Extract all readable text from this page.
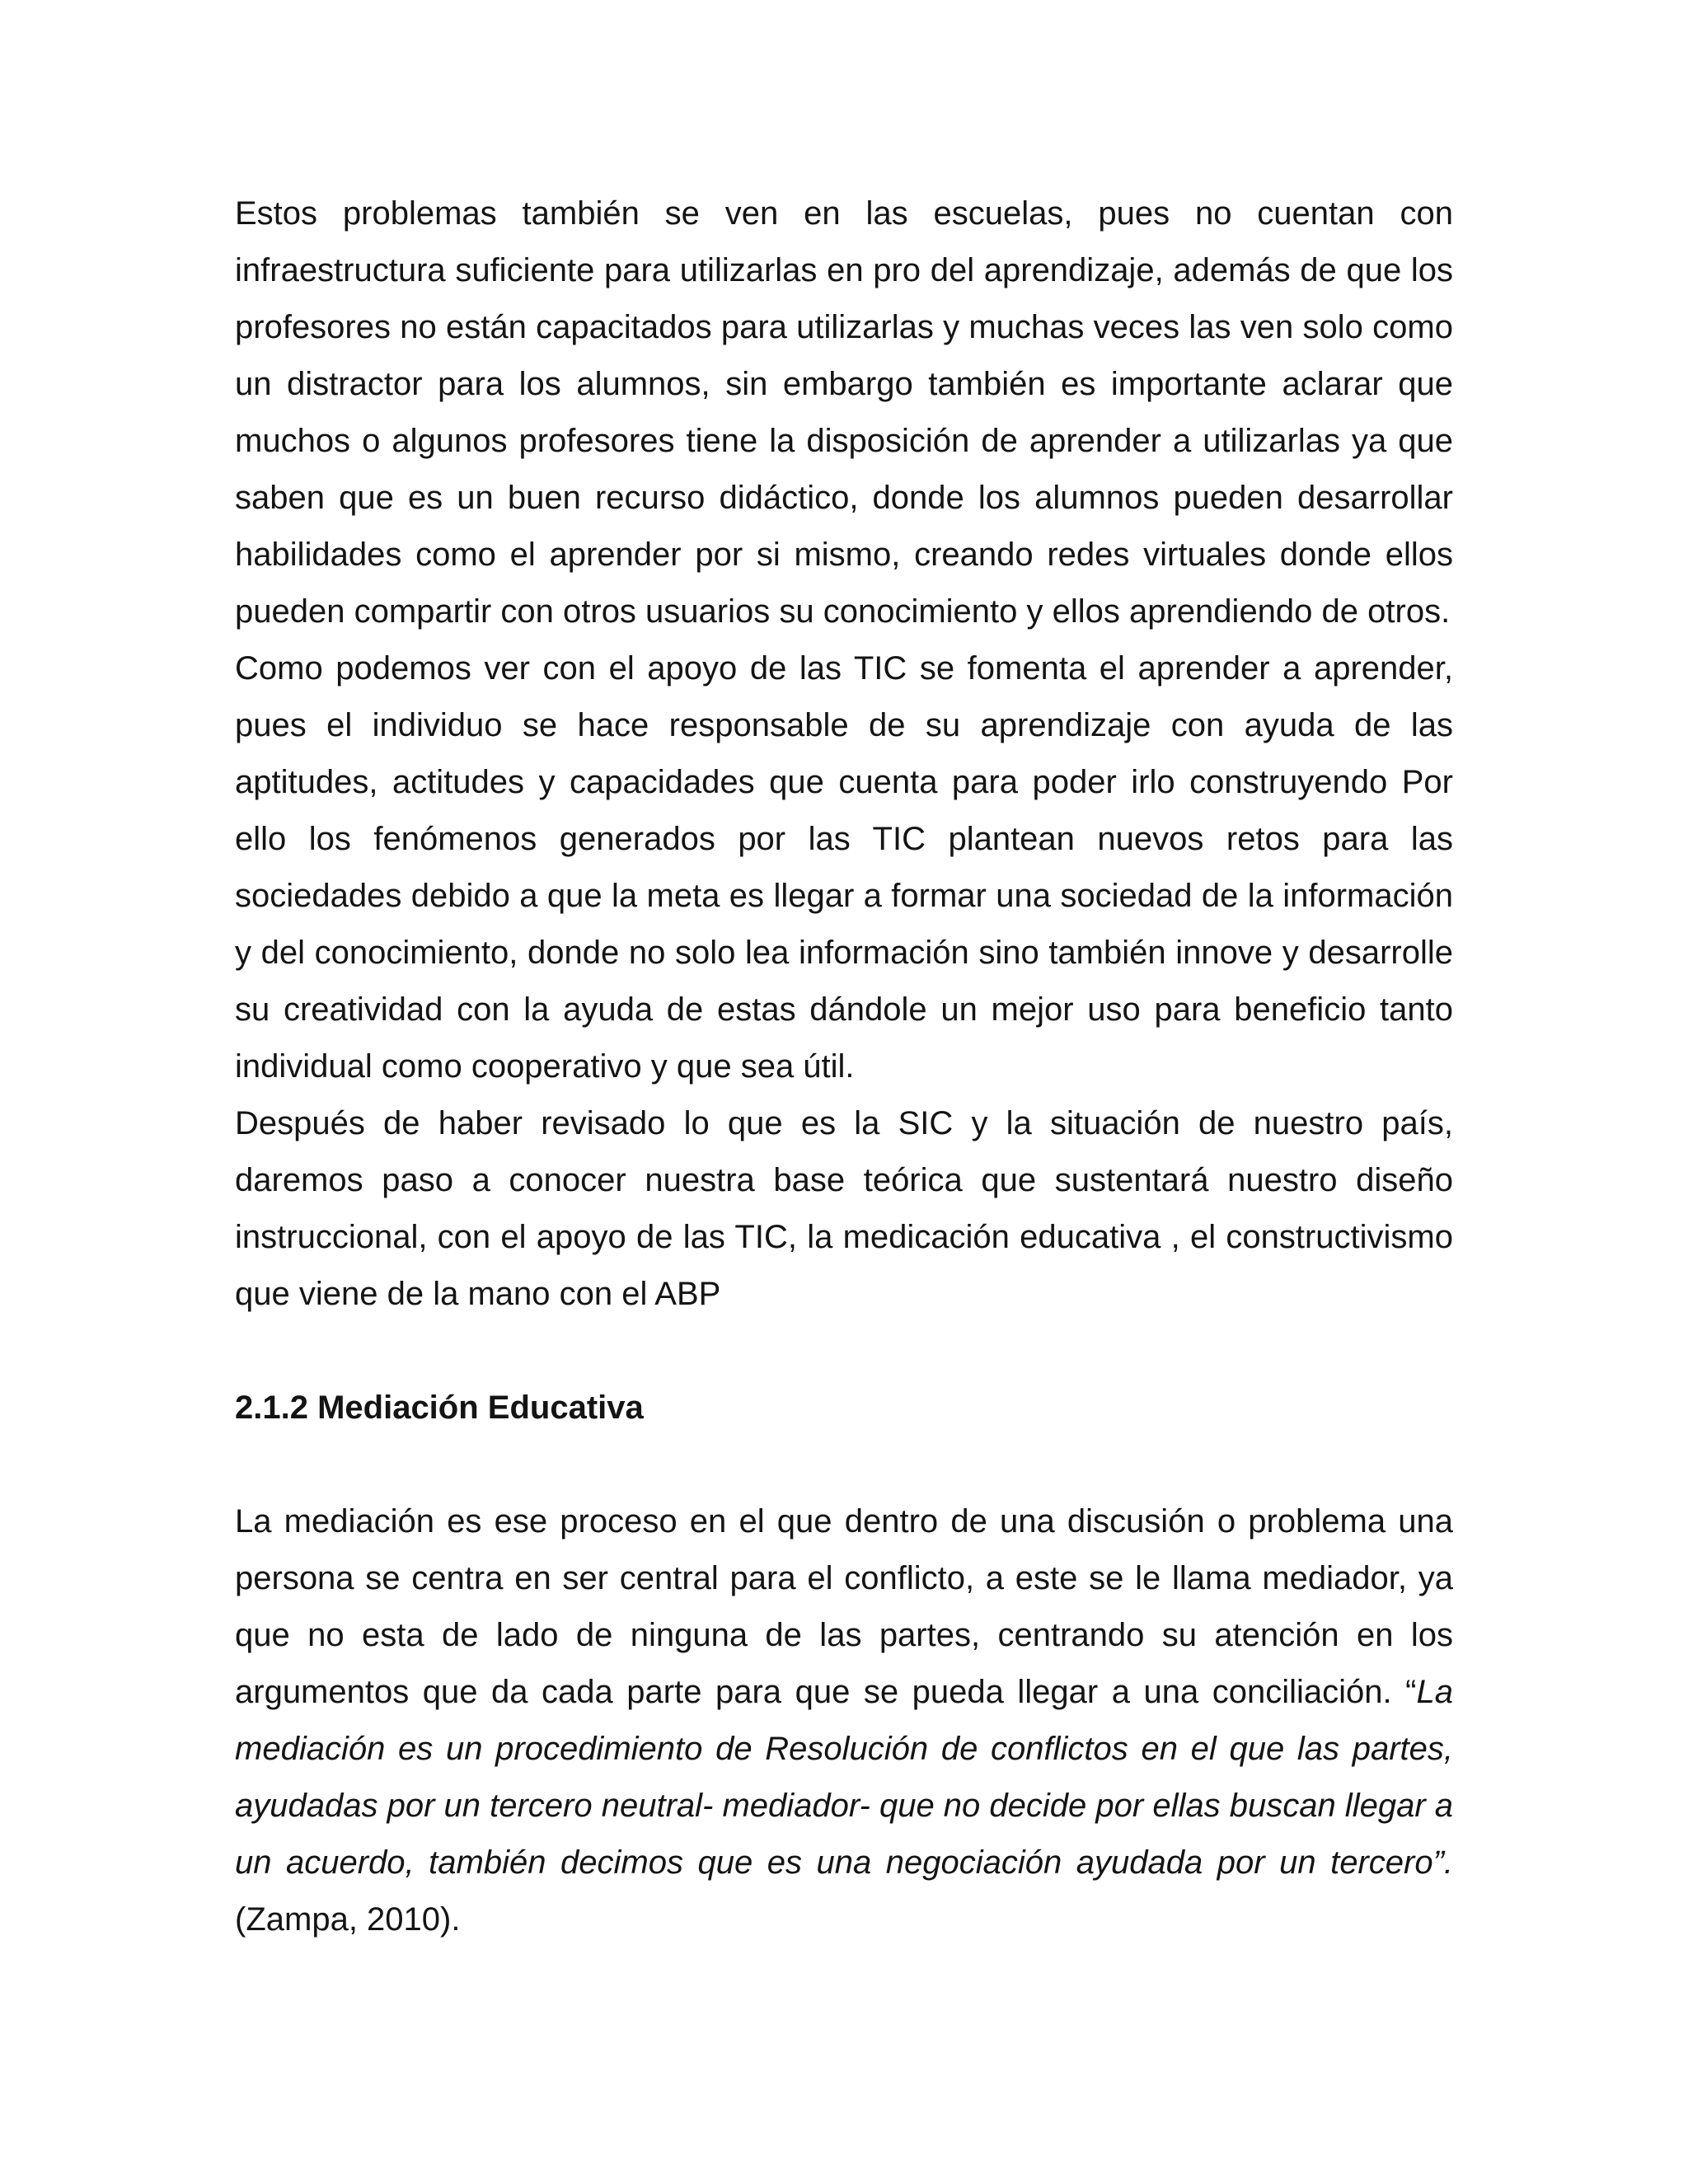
Estos problemas también se ven en las escuelas, pues no cuentan con infraestructura suficiente para utilizarlas en pro del aprendizaje, además de que los profesores no están capacitados para utilizarlas y muchas veces las ven solo como un distractor para los alumnos, sin embargo también es importante aclarar que muchos o algunos profesores tiene la disposición de aprender a utilizarlas ya que saben que es un buen recurso didáctico, donde los alumnos pueden desarrollar habilidades como el aprender por si mismo, creando redes virtuales donde ellos pueden compartir con otros usuarios su conocimiento y ellos aprendiendo de otros.

Como podemos ver con el apoyo de las TIC se fomenta el aprender a aprender, pues el individuo se hace responsable de su aprendizaje con ayuda de las aptitudes, actitudes y capacidades que cuenta para poder irlo construyendo Por ello los fenómenos generados por las TIC plantean nuevos retos para las sociedades debido a que la meta es llegar a formar una sociedad de la información y del conocimiento, donde no solo lea información sino también innove y desarrolle su creatividad con la ayuda de estas dándole un mejor uso para beneficio tanto individual como cooperativo y que sea útil.

Después de haber revisado lo que es la SIC y la situación de nuestro país, daremos paso a conocer nuestra base teórica que sustentará nuestro diseño instruccional, con el apoyo de las TIC, la medicación educativa , el constructivismo que viene de la mano con el ABP

2.1.2 Mediación Educativa

La mediación es ese proceso en el que dentro de una discusión o problema una persona se centra en ser central para el conflicto, a este se le llama mediador, ya que no esta de lado de ninguna de las partes, centrando su atención en los argumentos que da cada parte para que se pueda llegar a una conciliación. “La mediación es un procedimiento de Resolución de conflictos en el que las partes, ayudadas por un tercero neutral- mediador- que no decide por ellas buscan llegar a un acuerdo, también decimos que es una negociación ayudada por un tercero”. (Zampa, 2010).
